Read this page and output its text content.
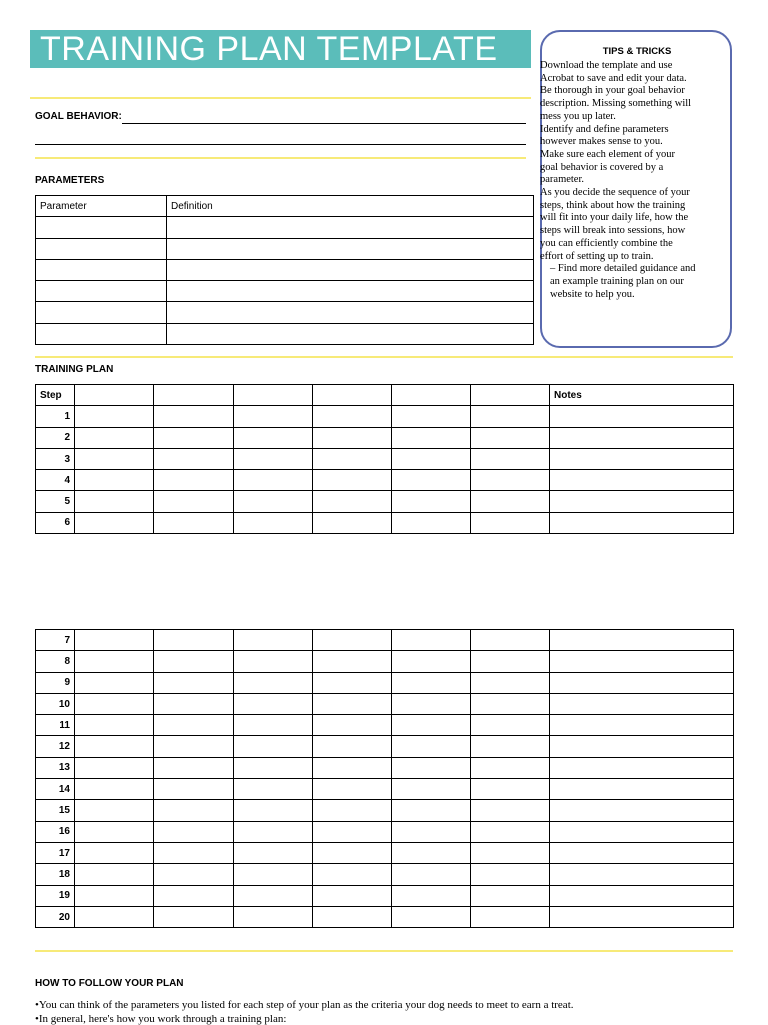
TRAINING PLAN TEMPLATE
GOAL BEHAVIOR:
PARAMETERS
Parameter	Definition

TIPS & TRICKS
Download the template and use
Acrobat to save and edit your data.
Be thorough in your goal behavior
description. Missing something will
mess you up later.
Identify and define parameters
however makes sense to you.
Make sure each element of your
goal behavior is covered by a
parameter.
As you decide the sequence of your
steps, think about how the training
will fit into your daily life, how the
steps will break into sessions, how
you can efficiently combine the
effort of setting up to train.
– Find more detailed guidance and
an example training plan on our
website to help you.
TRAINING PLAN
Step							Notes
1							
2							
3							
4							
5							
6							
7							
8							
9							
10							
11							
12							
13							
14							
15							
16							
17							
18							
19							
20							
HOW TO FOLLOW YOUR PLAN
•You can think of the parameters you listed for each step of your plan as the criteria your dog needs to meet to earn a treat.
•In general, here's how you work through a training plan:
